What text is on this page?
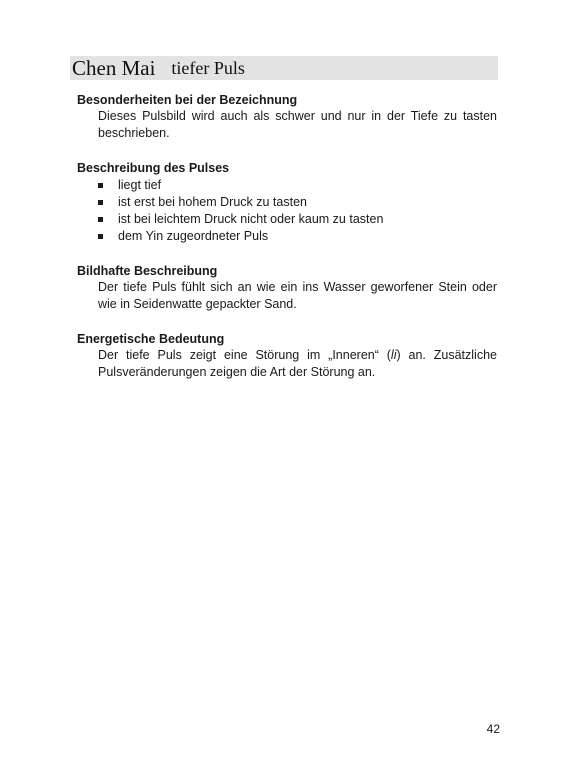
Chen Mai tiefer Puls

Besonderheiten bei der Bezeichnung

Dieses Pulsbild wird auch als schwer und nur in der Tiefe zu tasten beschrieben.

Beschreibung des Pulses

liegt tief
ist erst bei hohem Druck zu tasten
ist bei leichtem Druck nicht oder kaum zu tasten
dem Yin zugeordneter Puls

Bildhafte Beschreibung

Der tiefe Puls fühlt sich an wie ein ins Wasser geworfener Stein oder wie in Seidenwatte gepackter Sand.

Energetische Bedeutung

Der tiefe Puls zeigt eine Störung im „Inneren“ (li) an. Zusätzliche Pulsveränderungen zeigen die Art der Störung an.

42
